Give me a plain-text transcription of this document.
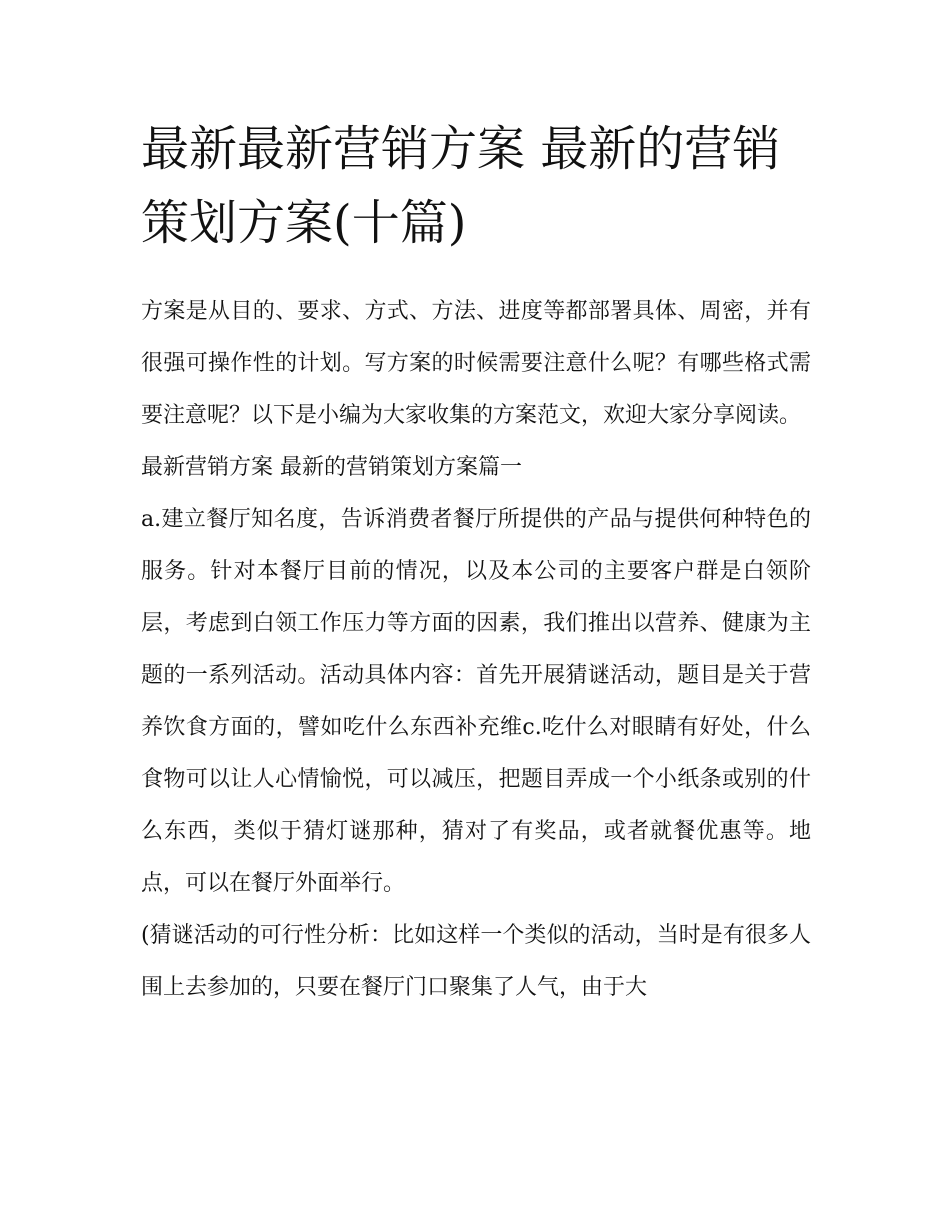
最新最新营销方案 最新的营销策划方案(十篇)

方案是从目的、要求、方式、方法、进度等都部署具体、周密，并有很强可操作性的计划。写方案的时候需要注意什么呢？有哪些格式需要注意呢？以下是小编为大家收集的方案范文，欢迎大家分享阅读。

最新营销方案 最新的营销策划方案篇一

a.建立餐厅知名度，告诉消费者餐厅所提供的产品与提供何种特色的服务。针对本餐厅目前的情况，以及本公司的主要客户群是白领阶层，考虑到白领工作压力等方面的因素，我们推出以营养、健康为主题的一系列活动。活动具体内容：首先开展猜谜活动，题目是关于营养饮食方面的，譬如吃什么东西补充维c.吃什么对眼睛有好处，什么食物可以让人心情愉悦，可以减压，把题目弄成一个小纸条或别的什么东西，类似于猜灯谜那种，猜对了有奖品，或者就餐优惠等。地点，可以在餐厅外面举行。

(猜谜活动的可行性分析：比如这样一个类似的活动，当时是有很多人围上去参加的，只要在餐厅门口聚集了人气，由于大
